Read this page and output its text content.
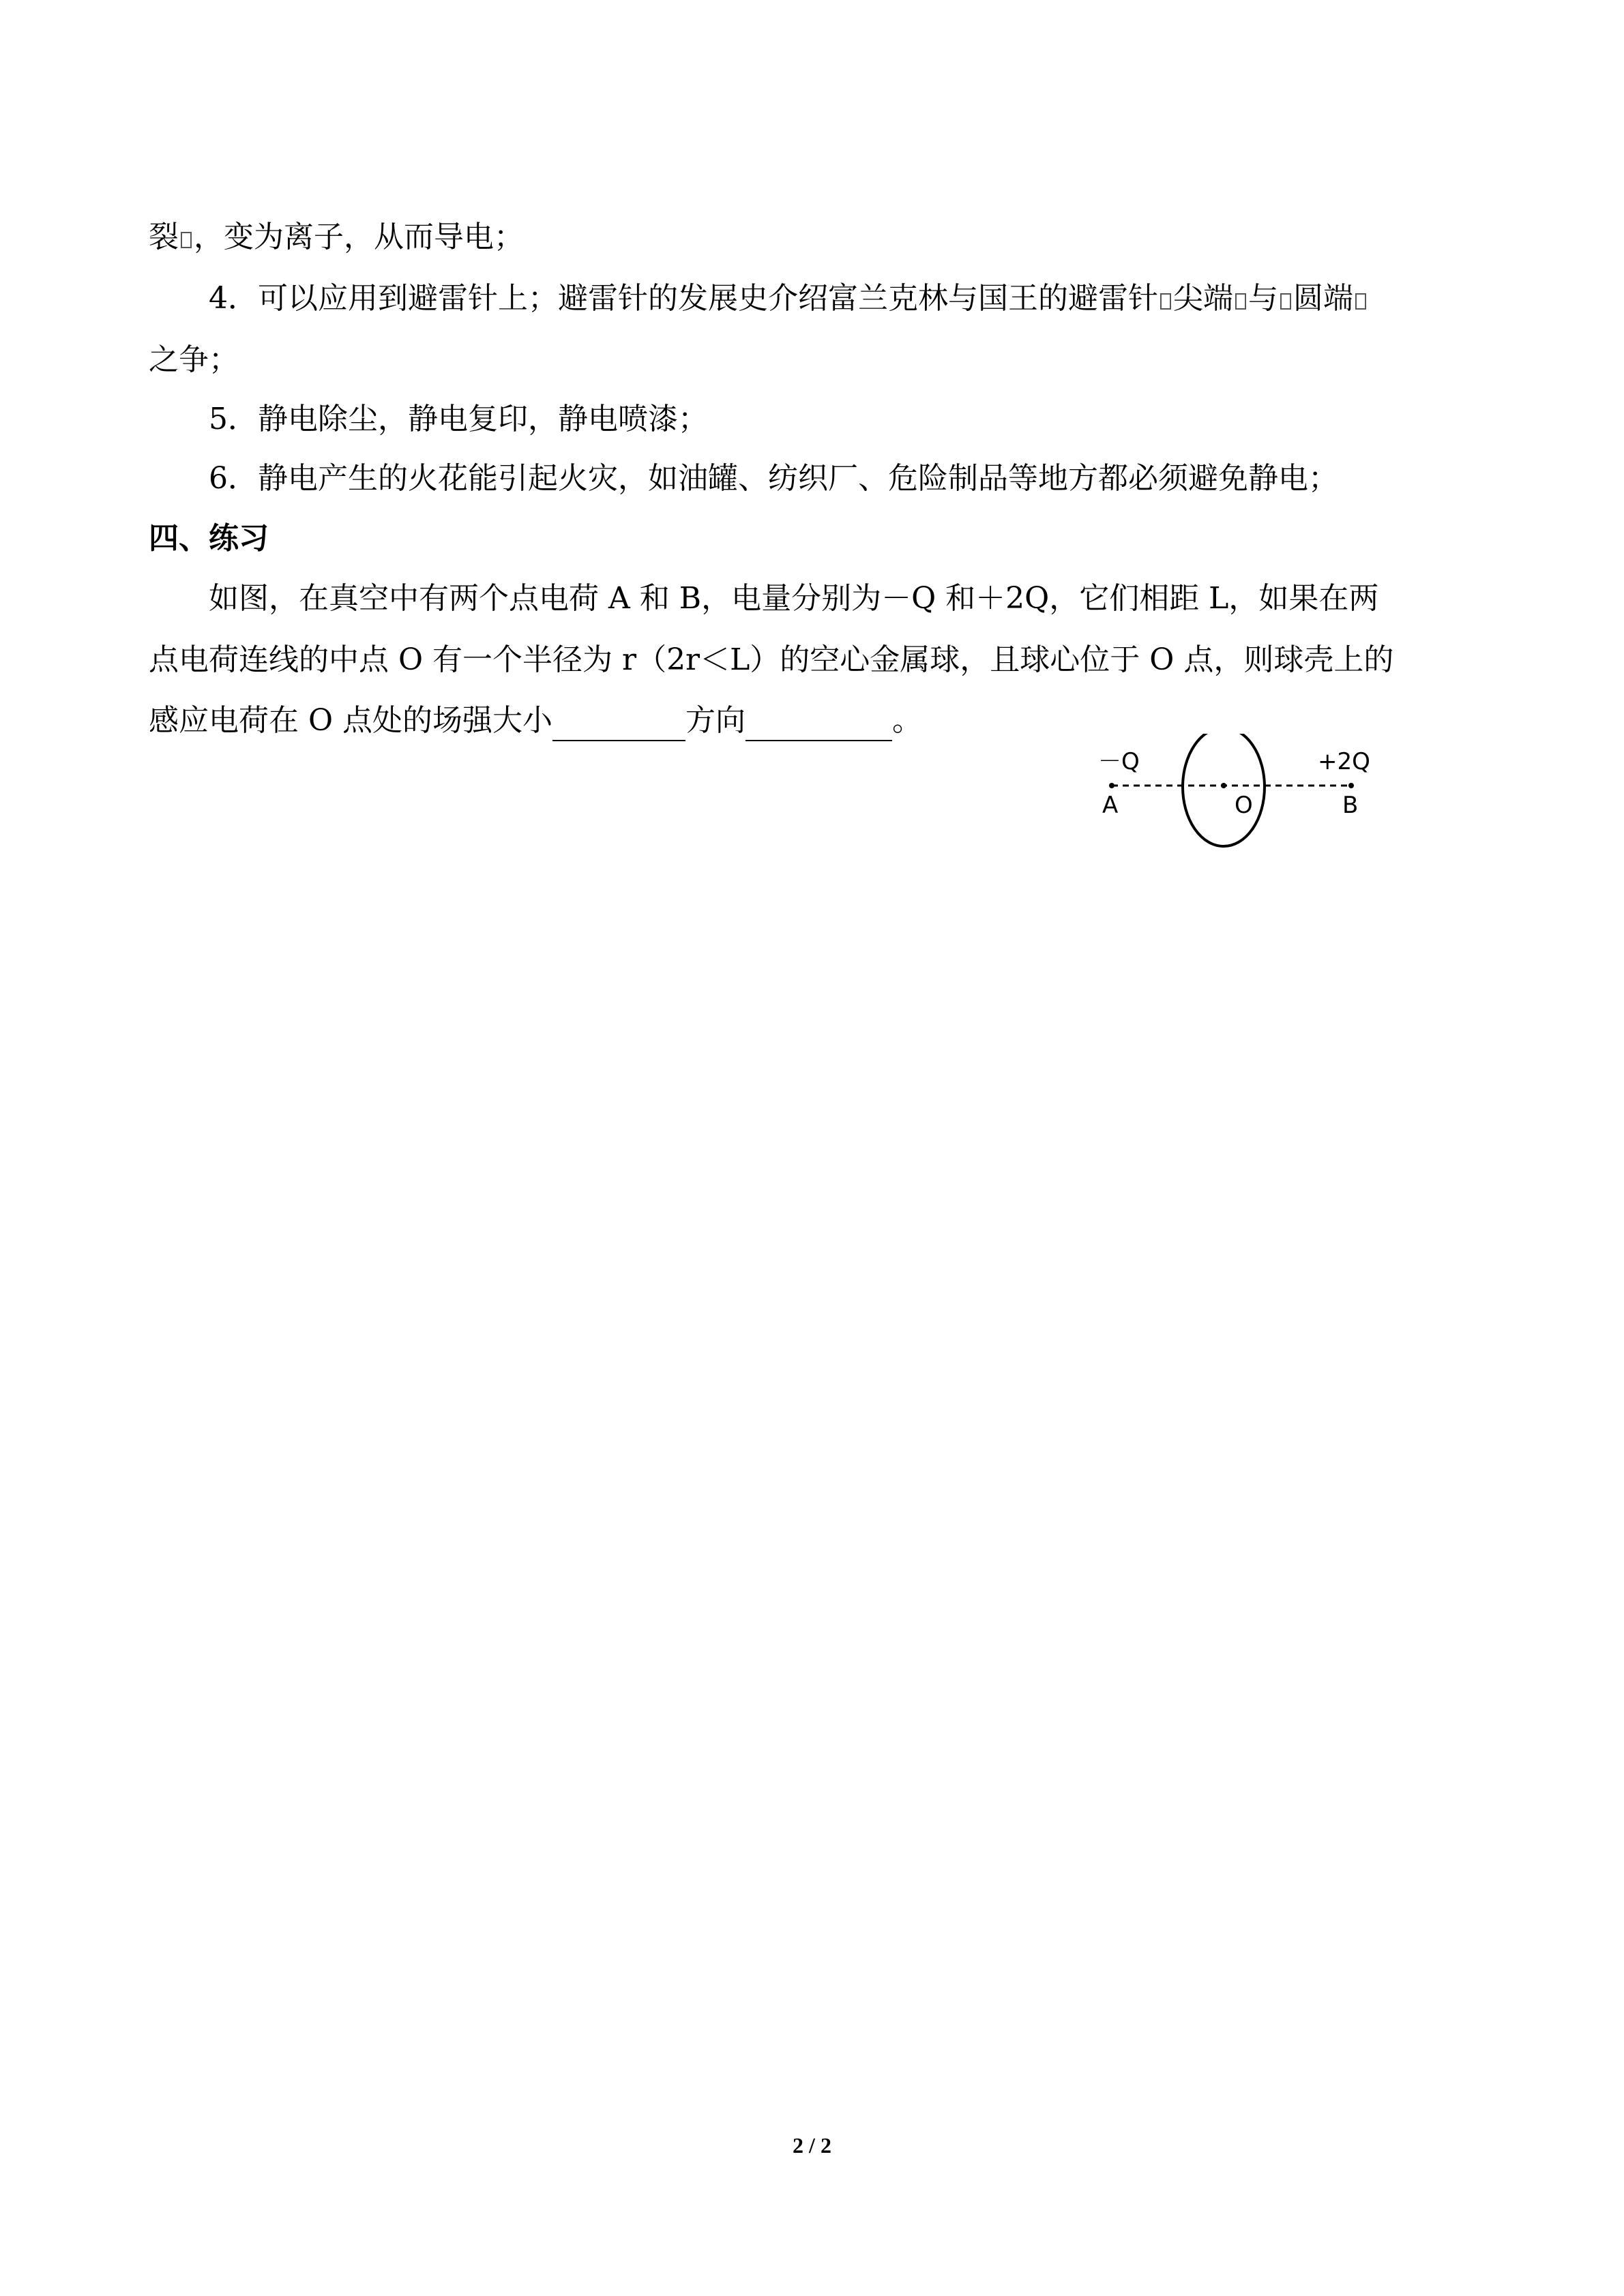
裂 ，变为离子，从而导电；
4．可以应用到避雷针上；避雷针的发展史介绍富兰克林与国王的避雷针 尖端 与 圆端
之争；
5．静电除尘，静电复印，静电喷漆；
6．静电产生的火花能引起火灾，如油罐、纺织厂、危险制品等地方都必须避免静电；
四、练习
如图，在真空中有两个点电荷 A 和 B，电量分别为－Q 和＋2Q，它们相距 L，如果在两
点电荷连线的中点 O 有一个半径为 r（2r＜L）的空心金属球，且球心位于 O 点，则球壳上的
感应电荷在 O 点处的场强大小	方向	。
－Q
A	O
+2Q
B
2 / 2
